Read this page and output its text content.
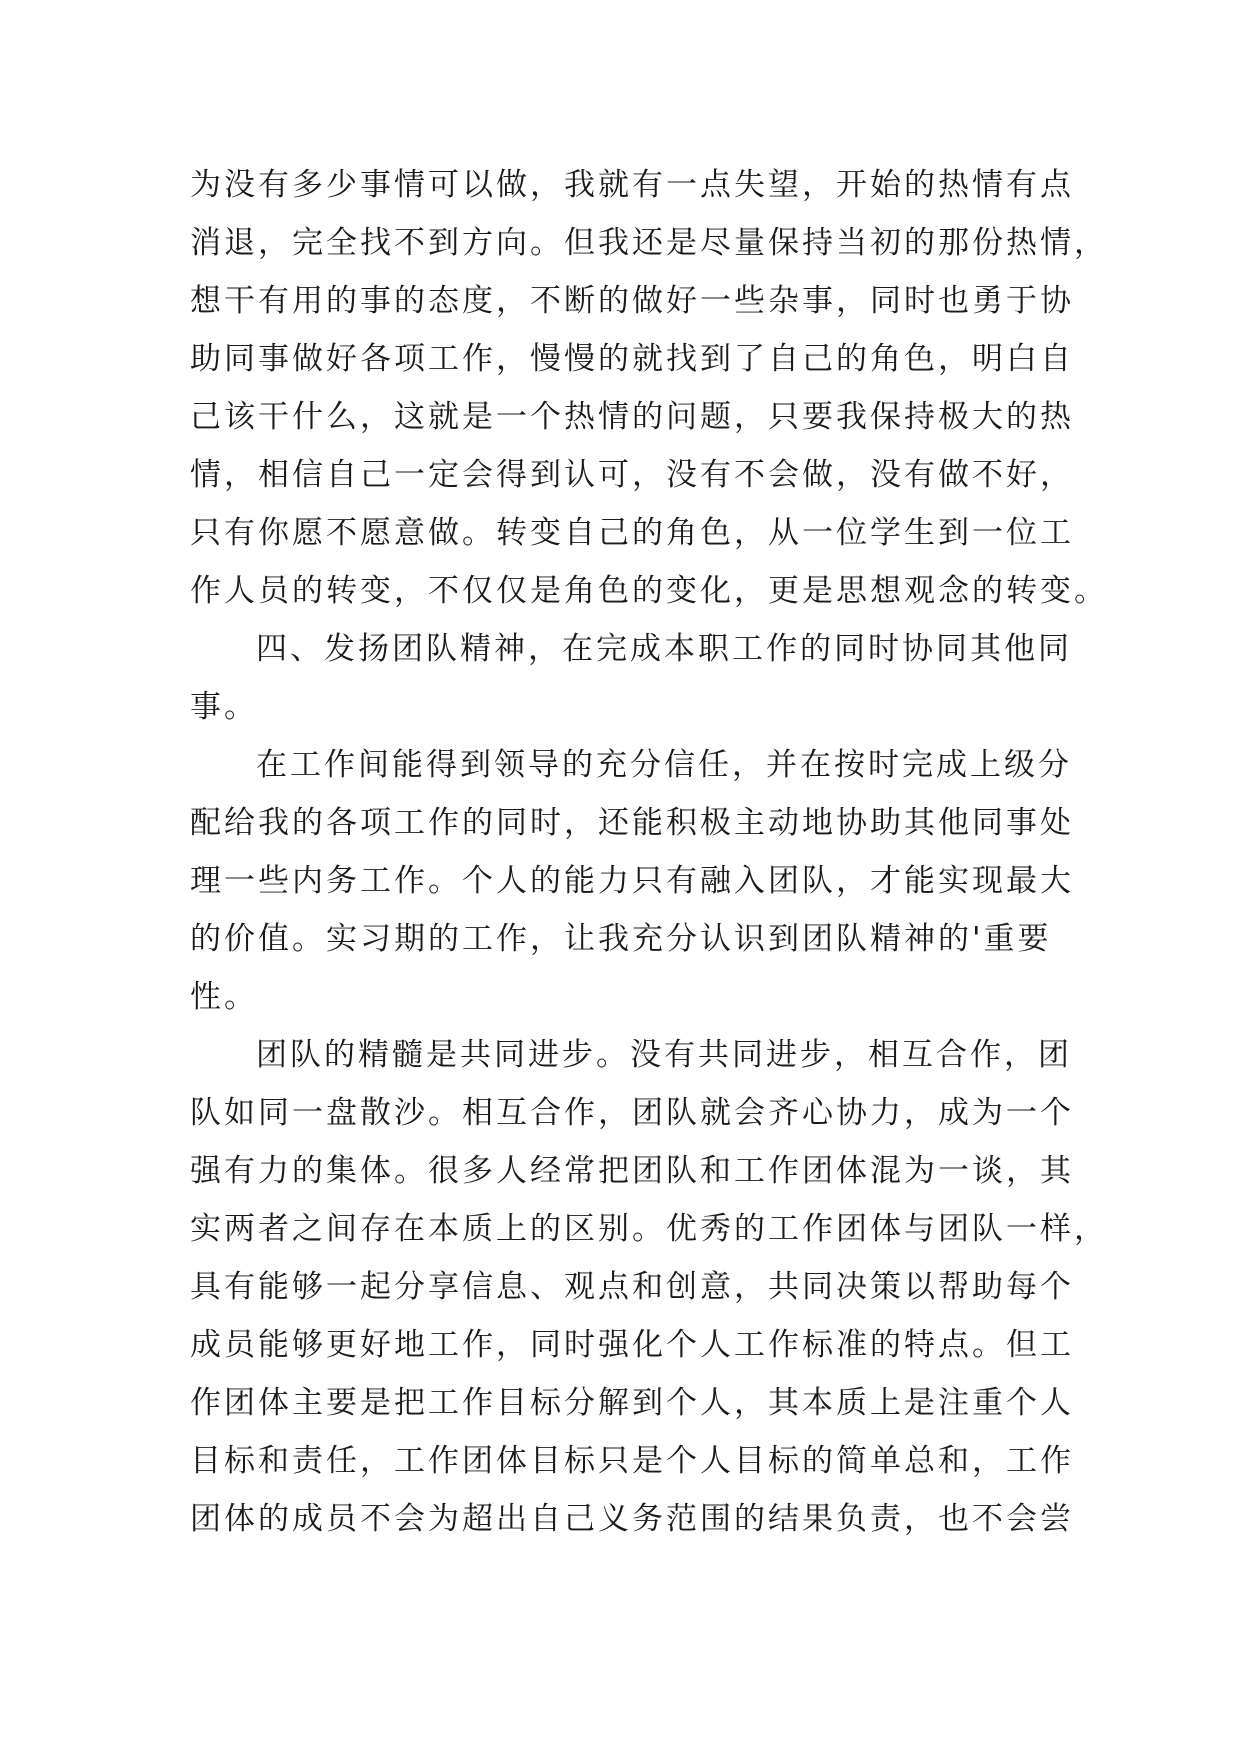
为没有多少事情可以做，我就有一点失望，开始的热情有点
消退，完全找不到方向。但我还是尽量保持当初的那份热情，
想干有用的事的态度，不断的做好一些杂事，同时也勇于协
助同事做好各项工作，慢慢的就找到了自己的角色，明白自
己该干什么，这就是一个热情的问题，只要我保持极大的热
情，相信自己一定会得到认可，没有不会做，没有做不好，
只有你愿不愿意做。转变自己的角色，从一位学生到一位工
作人员的转变，不仅仅是角色的变化，更是思想观念的转变。
四、发扬团队精神，在完成本职工作的同时协同其他同
事。
在工作间能得到领导的充分信任，并在按时完成上级分
配给我的各项工作的同时，还能积极主动地协助其他同事处
理一些内务工作。个人的能力只有融入团队，才能实现最大
的价值。实习期的工作，让我充分认识到团队精神的'重要
性。
团队的精髓是共同进步。没有共同进步，相互合作，团
队如同一盘散沙。相互合作，团队就会齐心协力，成为一个
强有力的集体。很多人经常把团队和工作团体混为一谈，其
实两者之间存在本质上的区别。优秀的工作团体与团队一样，
具有能够一起分享信息、观点和创意，共同决策以帮助每个
成员能够更好地工作，同时强化个人工作标准的特点。但工
作团体主要是把工作目标分解到个人，其本质上是注重个人
目标和责任，工作团体目标只是个人目标的简单总和，工作
团体的成员不会为超出自己义务范围的结果负责，也不会尝
